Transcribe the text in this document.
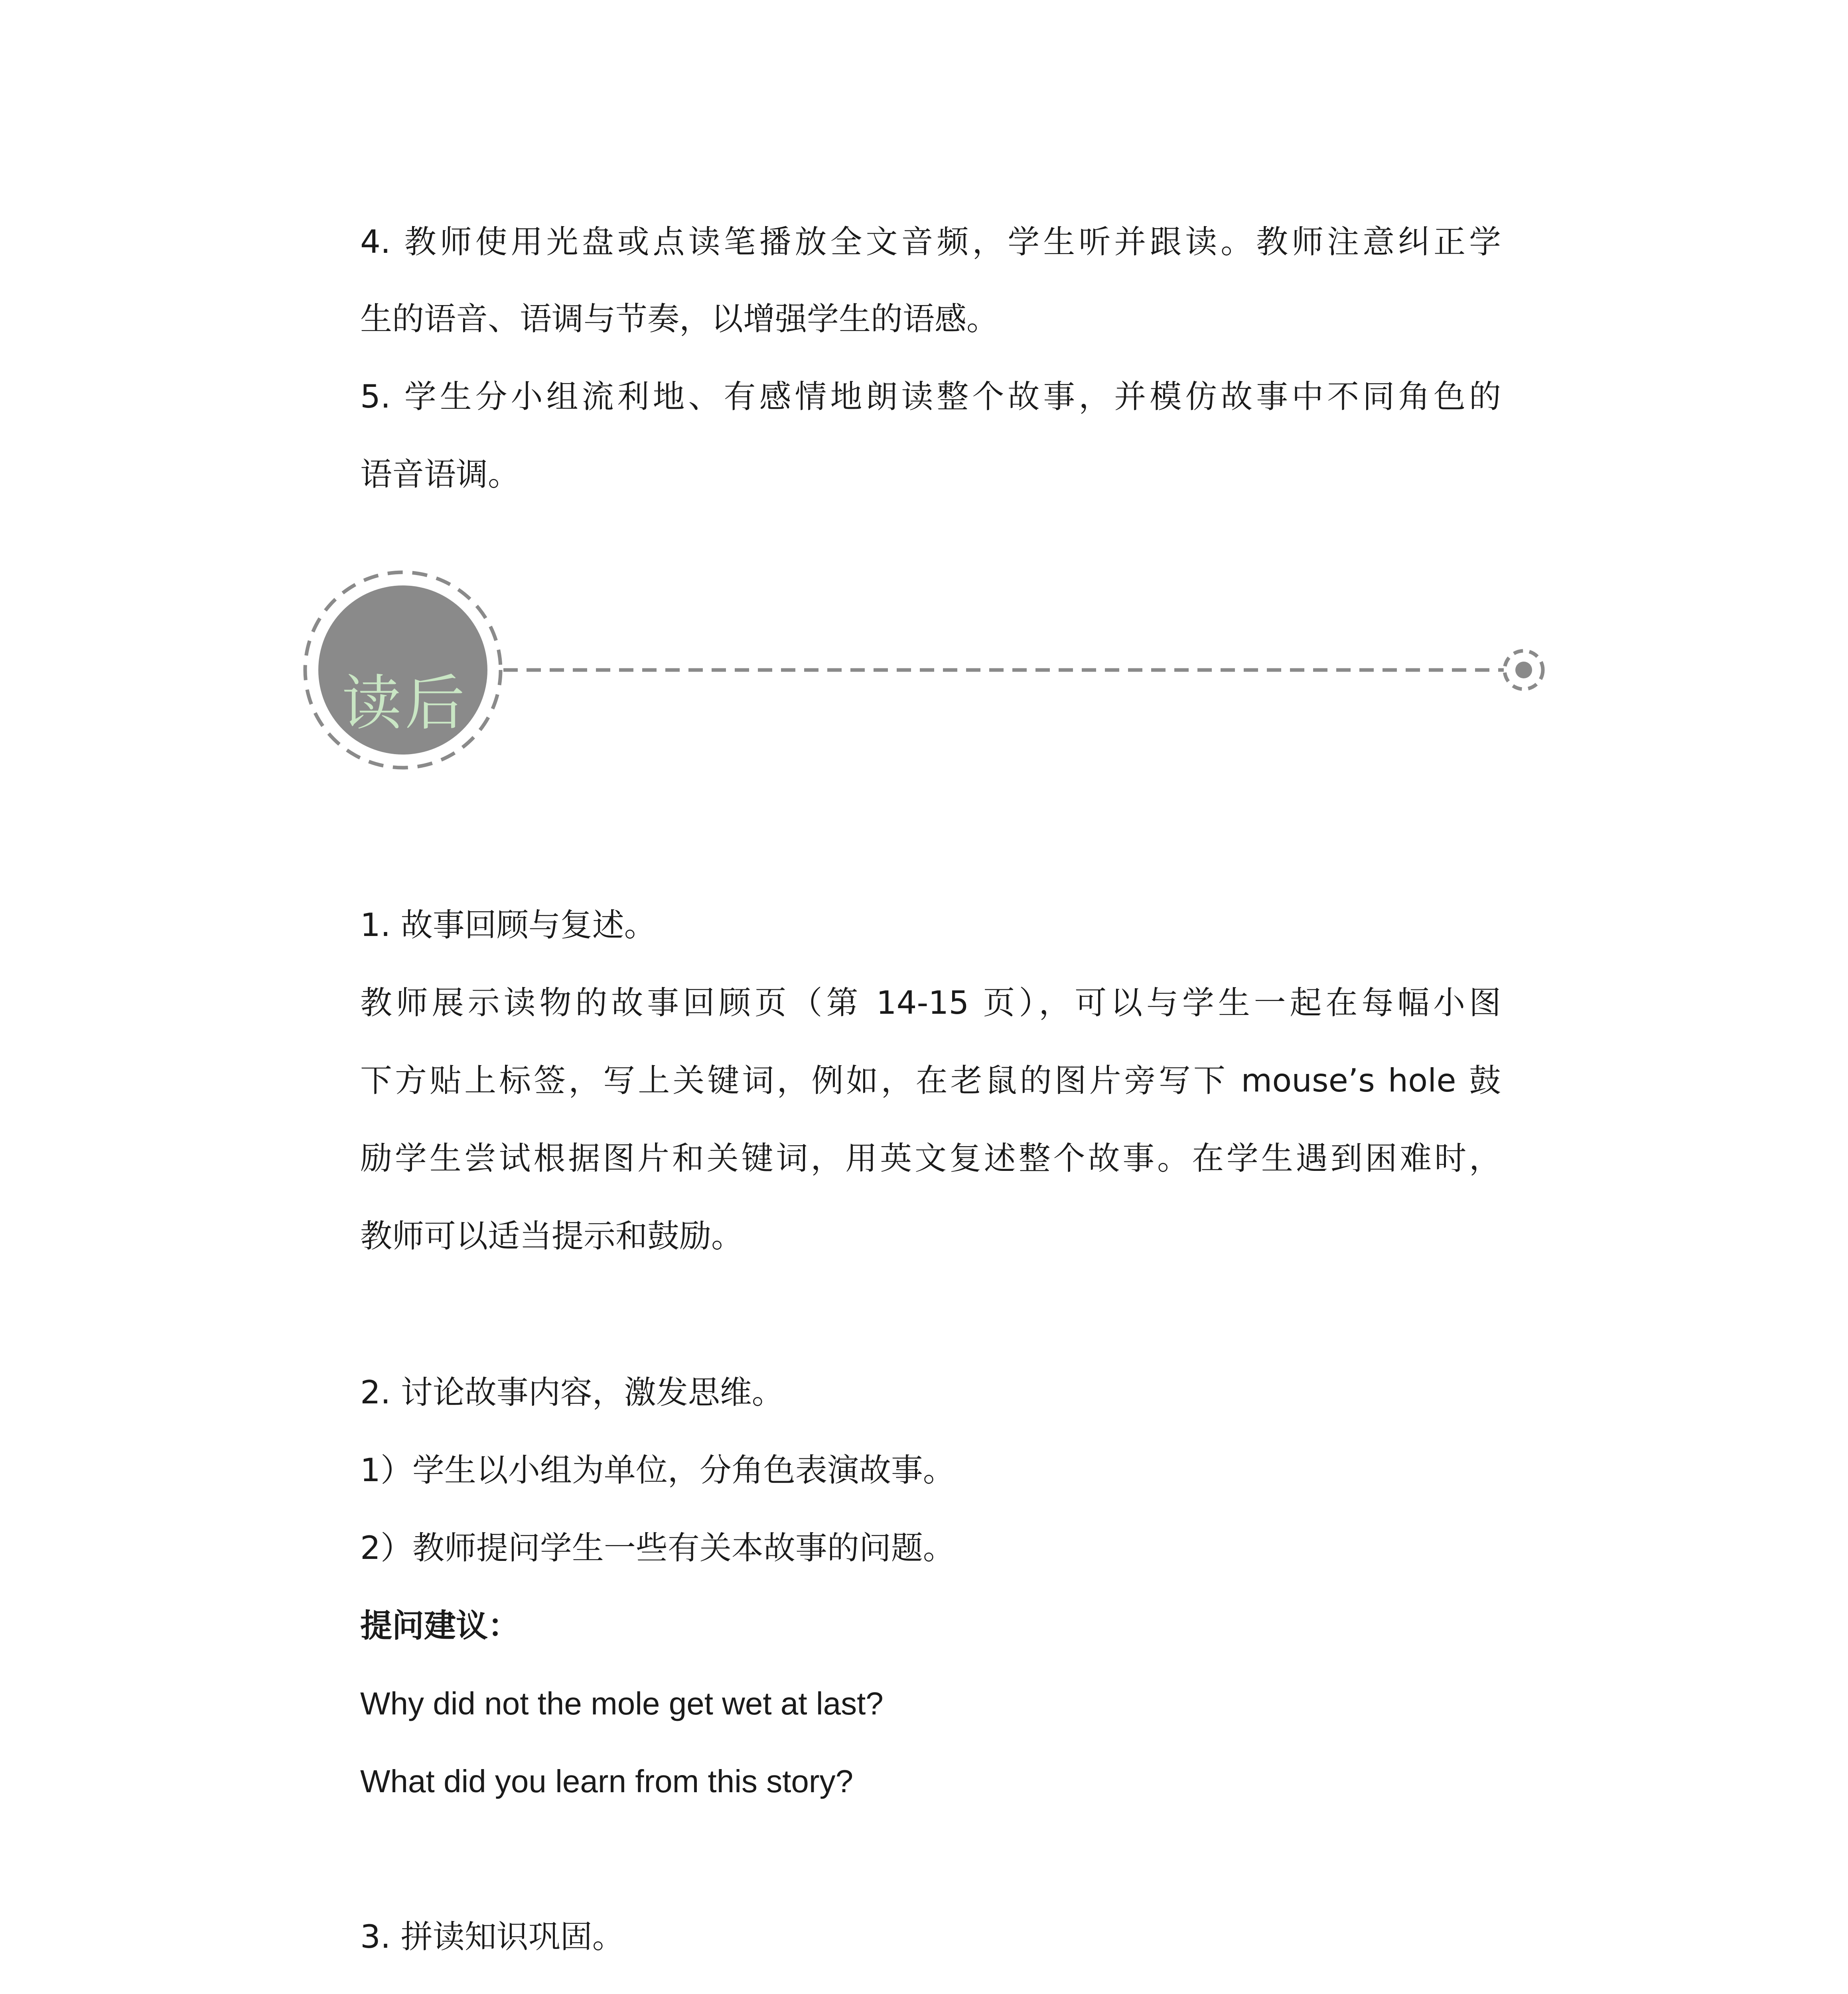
4. 教师使用光盘或点读笔播放全文音频，学生听并跟读。教师注意纠正学

生的语音、语调与节奏，以增强学生的语感。

5. 学生分小组流利地、有感情地朗读整个故事，并模仿故事中不同角色的

语音语调。

读后

1. 故事回顾与复述。

教师展示读物的故事回顾页（第 14-15 页），可以与学生一起在每幅小图

下方贴上标签，写上关键词，例如，在老鼠的图片旁写下 mouse’s hole 鼓

励学生尝试根据图片和关键词，用英文复述整个故事。在学生遇到困难时，

教师可以适当提示和鼓励。

2. 讨论故事内容，激发思维。

1）学生以小组为单位，分角色表演故事。

2）教师提问学生一些有关本故事的问题。

提问建议：

Why did not the mole get wet at last?

What did you learn from this story?

3. 拼读知识巩固。
